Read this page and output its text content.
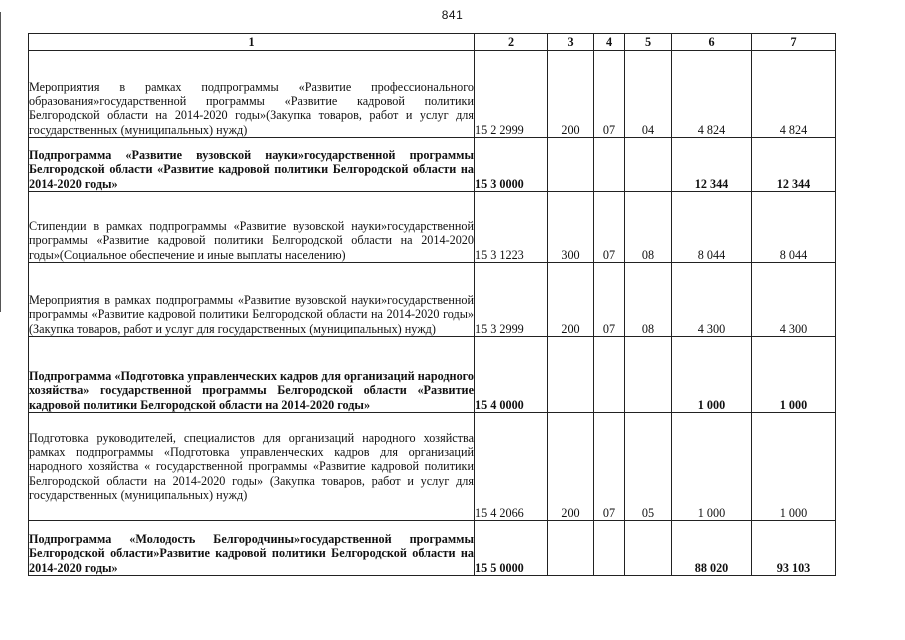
841
1	2	3	4	5	6	7
Мероприятия в рамках подпрограммы «Развитие профессионального образования»государственной программы «Развитие кадровой политики Белгородской области на 2014-2020 годы»(Закупка товаров, работ и услуг для государственных (муниципальных) нужд)	15 2 2999	200	07	04	4 824	4 824
Подпрограмма «Развитие вузовской науки»государственной программы Белгородской области «Развитие кадровой политики Белгородской области на 2014-2020 годы»	15 3 0000				12 344	12 344
Стипендии в рамках подпрограммы «Развитие вузовской науки»государственной программы «Развитие кадровой политики Белгородской области на 2014-2020 годы»(Социальное обеспечение и иные выплаты населению)	15 3 1223	300	07	08	8 044	8 044
Мероприятия в рамках подпрограммы «Развитие вузовской науки»государственной программы «Развитие кадровой политики Белгородской области на 2014-2020 годы» (Закупка товаров, работ и услуг для государственных (муниципальных) нужд)	15 3 2999	200	07	08	4 300	4 300
Подпрограмма «Подготовка управленческих кадров для организаций народного хозяйства» государственной программы Белгородской области «Развитие кадровой политики Белгородской области на 2014-2020 годы»	15 4 0000				1 000	1 000
Подготовка руководителей, специалистов для организаций народного хозяйства рамках подпрограммы «Подготовка управленческих кадров для организаций народного хозяйства « государственной программы «Развитие кадровой политики Белгородской области на 2014-2020 годы» (Закупка товаров, работ и услуг для государственных (муниципальных) нужд)	15 4 2066	200	07	05	1 000	1 000
Подпрограмма «Молодость Белгородчины»государственной программы Белгородской области»Развитие кадровой политики Белгородской области на 2014-2020 годы»	15 5 0000				88 020	93 103
